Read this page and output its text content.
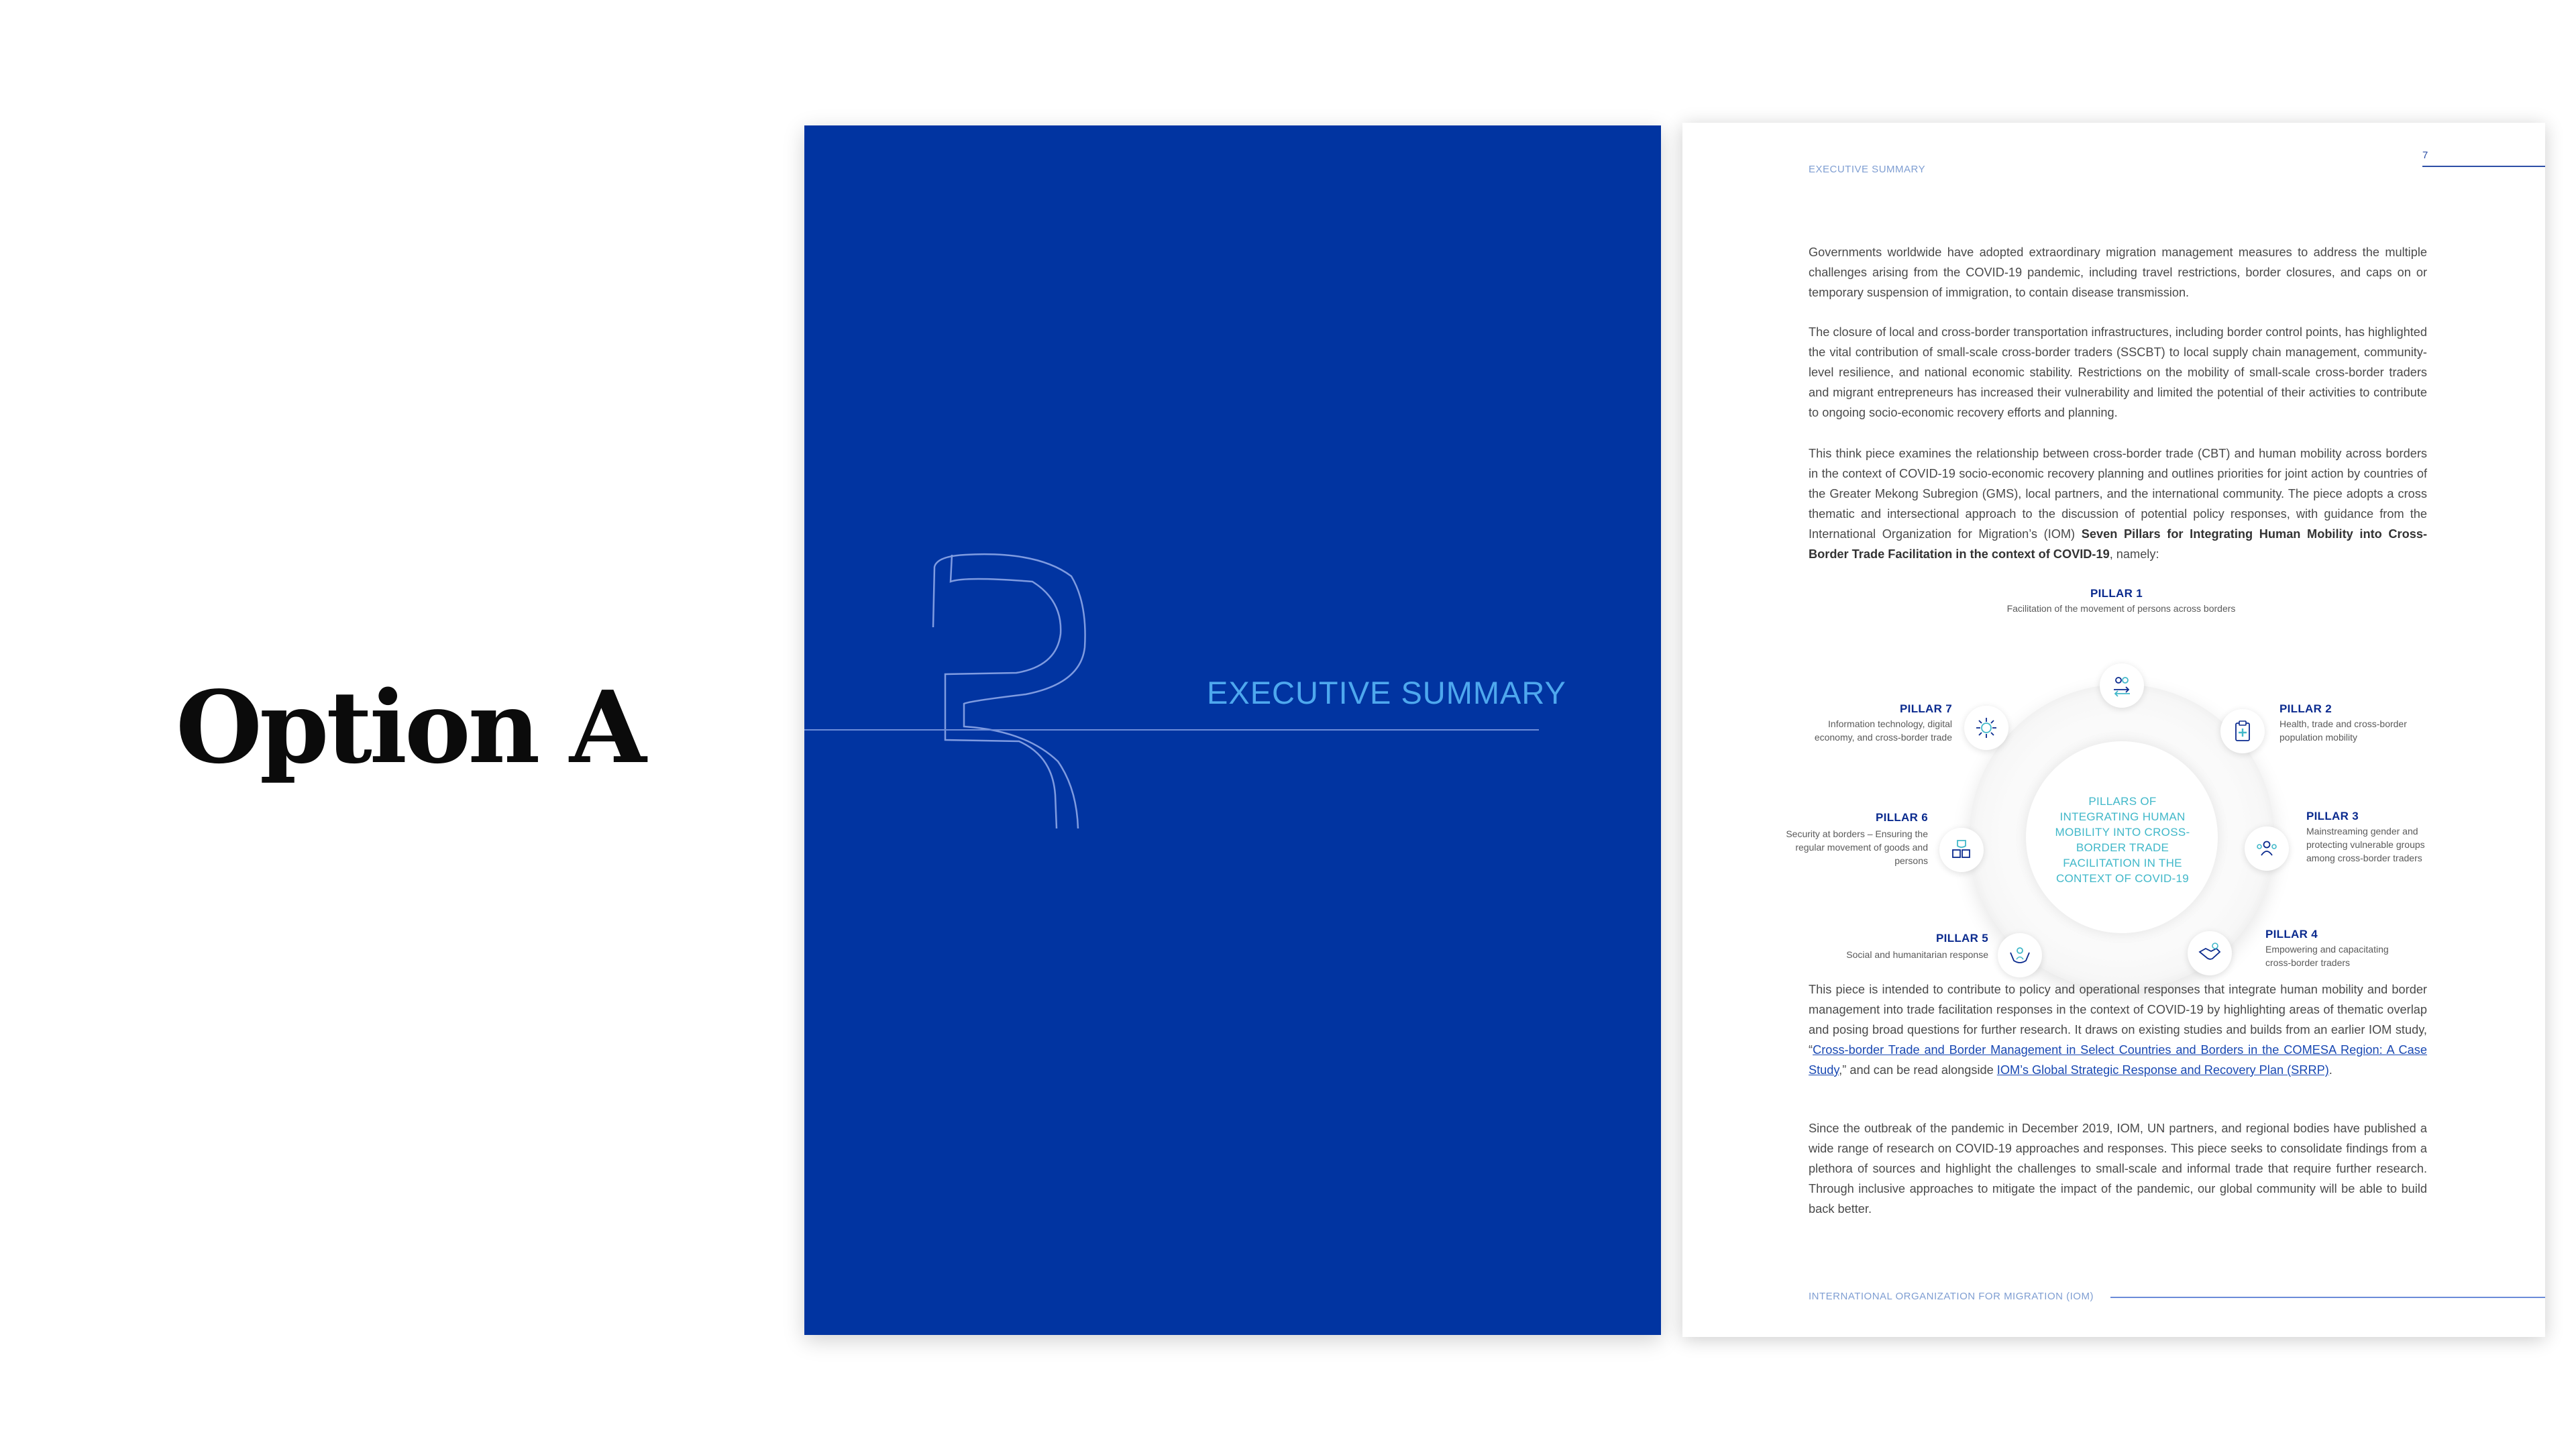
Option A	EXECUTIVE SUMMARY
EXECUTIVE SUMMARY
7

Governments worldwide have adopted extraordinary migration management measures to address the multiple challenges arising from the COVID-19 pandemic, including travel restrictions, border closures, and caps on or temporary suspension of immigration, to contain disease transmission.

The closure of local and cross-border transportation infrastructures, including border control points, has highlighted the vital contribution of small-scale cross-border traders (SSCBT) to local supply chain management, community-level resilience, and national economic stability. Restrictions on the mobility of small-scale cross-border traders and migrant entrepreneurs has increased their vulnerability and limited the potential of their activities to contribute to ongoing socio-economic recovery efforts and planning.

This think piece examines the relationship between cross-border trade (CBT) and human mobility across borders in the context of COVID-19 socio-economic recovery planning and outlines priorities for joint action by countries of the Greater Mekong Subregion (GMS), local partners, and the international community. The piece adopts a cross thematic and intersectional approach to the discussion of potential policy responses, with guidance from the International Organization for Migration’s (IOM) Seven Pillars for Integrating Human Mobility into Cross-Border Trade Facilitation in the context of COVID-19, namely:

PILLARS OF INTEGRATING HUMAN MOBILITY INTO CROSS-BORDER TRADE FACILITATION IN THE CONTEXT OF COVID-19
PILLAR 1
Facilitation of the movement of persons across borders
PILLAR 2
Health, trade and cross-border population mobility
PILLAR 3
Mainstreaming gender and protecting vulnerable groups among cross-border traders
PILLAR 4
Empowering and capacitating cross-border traders
PILLAR 5
Social and humanitarian response
PILLAR 6
Security at borders – Ensuring the regular movement of goods and persons
PILLAR 7
Information technology, digital economy, and cross-border trade

This piece is intended to contribute to policy and operational responses that integrate human mobility and border management into trade facilitation responses in the context of COVID-19 by highlighting areas of thematic overlap and posing broad questions for further research. It draws on existing studies and builds from an earlier IOM study, “Cross-border Trade and Border Management in Select Countries and Borders in the COMESA Region: A Case Study,” and can be read alongside IOM’s Global Strategic Response and Recovery Plan (SRRP).

Since the outbreak of the pandemic in December 2019, IOM, UN partners, and regional bodies have published a wide range of research on COVID-19 approaches and responses. This piece seeks to consolidate findings from a plethora of sources and highlight the challenges to small-scale and informal trade that require further research. Through inclusive approaches to mitigate the impact of the pandemic, our global community will be able to build back better.

INTERNATIONAL ORGANIZATION FOR MIGRATION (IOM)
